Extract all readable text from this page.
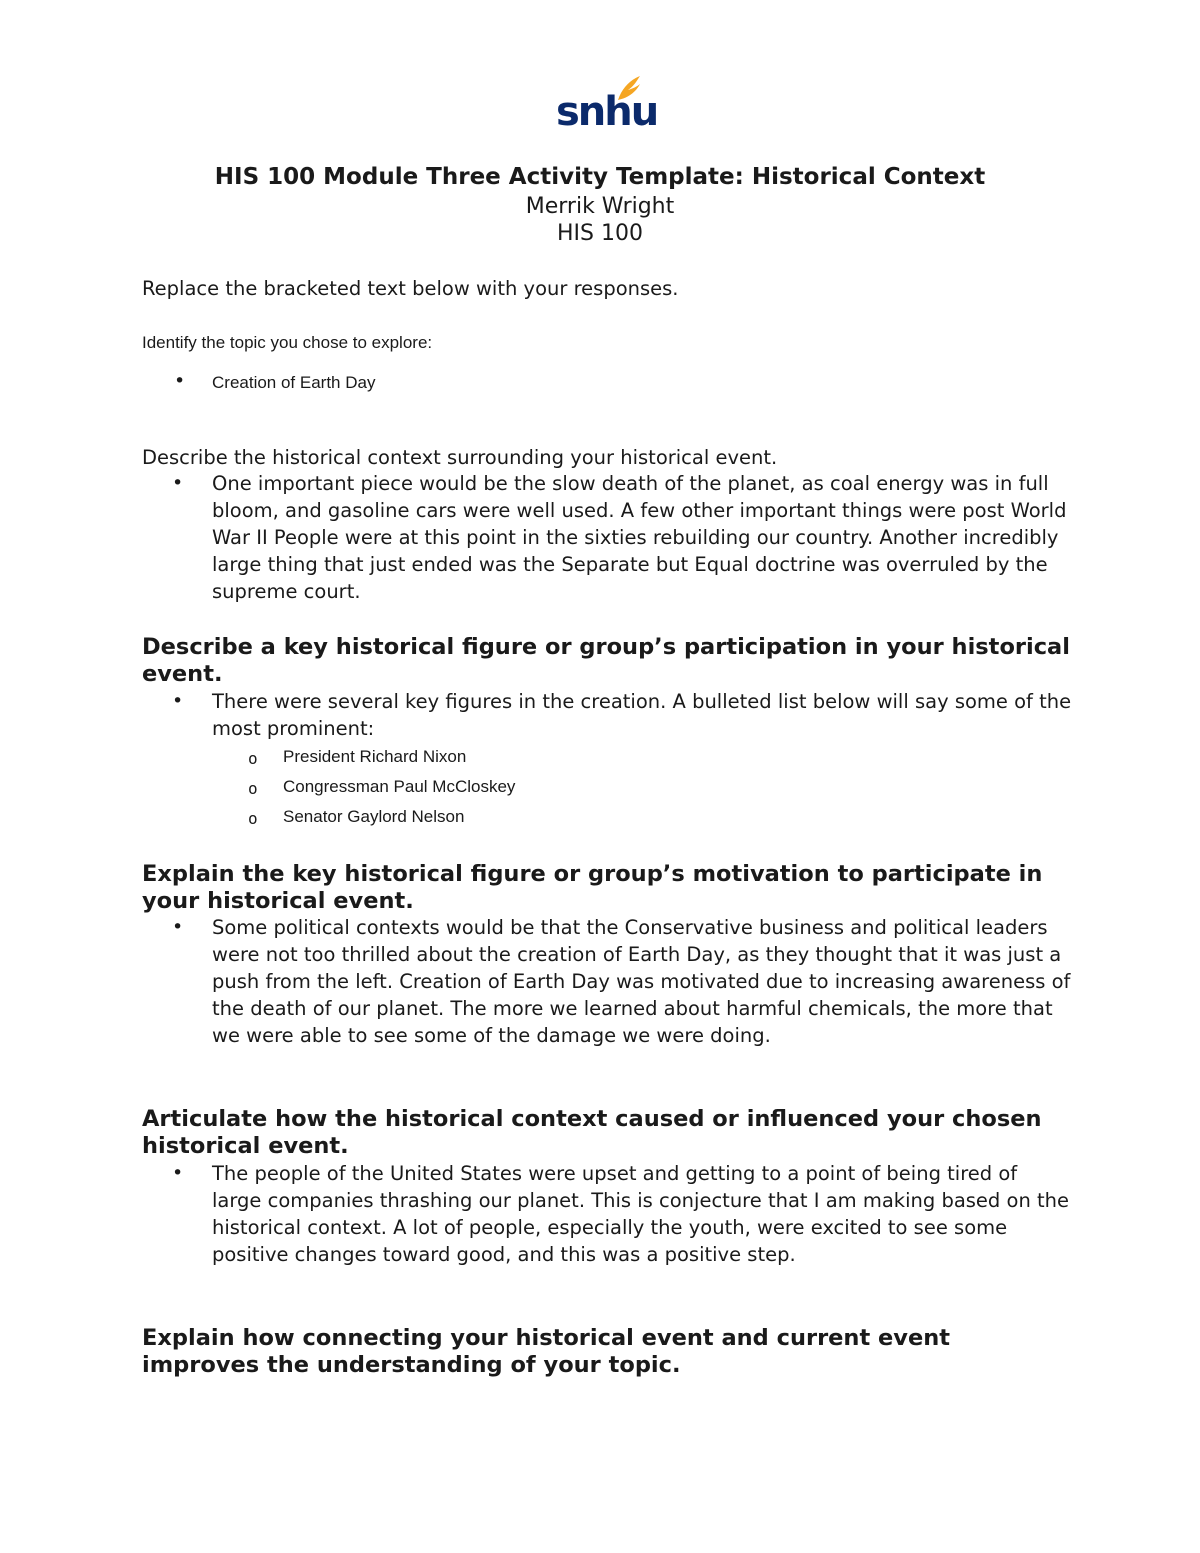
snhu
HIS 100 Module Three Activity Template: Historical Context
Merrik Wright
HIS 100
Replace the bracketed text below with your responses.
Identify the topic you chose to explore:
• Creation of Earth Day
Describe the historical context surrounding your historical event.
• One important piece would be the slow death of the planet, as coal energy was in full bloom, and gasoline cars were well used. A few other important things were post World War II People were at this point in the sixties rebuilding our country. Another incredibly large thing that just ended was the Separate but Equal doctrine was overruled by the supreme court.
Describe a key historical figure or group’s participation in your historical event.
• There were several key figures in the creation. A bulleted list below will say some of the most prominent:
o President Richard Nixon
o Congressman Paul McCloskey
o Senator Gaylord Nelson
Explain the key historical figure or group’s motivation to participate in your historical event.
• Some political contexts would be that the Conservative business and political leaders were not too thrilled about the creation of Earth Day, as they thought that it was just a push from the left. Creation of Earth Day was motivated due to increasing awareness of the death of our planet. The more we learned about harmful chemicals, the more that we were able to see some of the damage we were doing.
Articulate how the historical context caused or influenced your chosen historical event.
• The people of the United States were upset and getting to a point of being tired of large companies thrashing our planet. This is conjecture that I am making based on the historical context. A lot of people, especially the youth, were excited to see some positive changes toward good, and this was a positive step.
Explain how connecting your historical event and current event improves the understanding of your topic.
